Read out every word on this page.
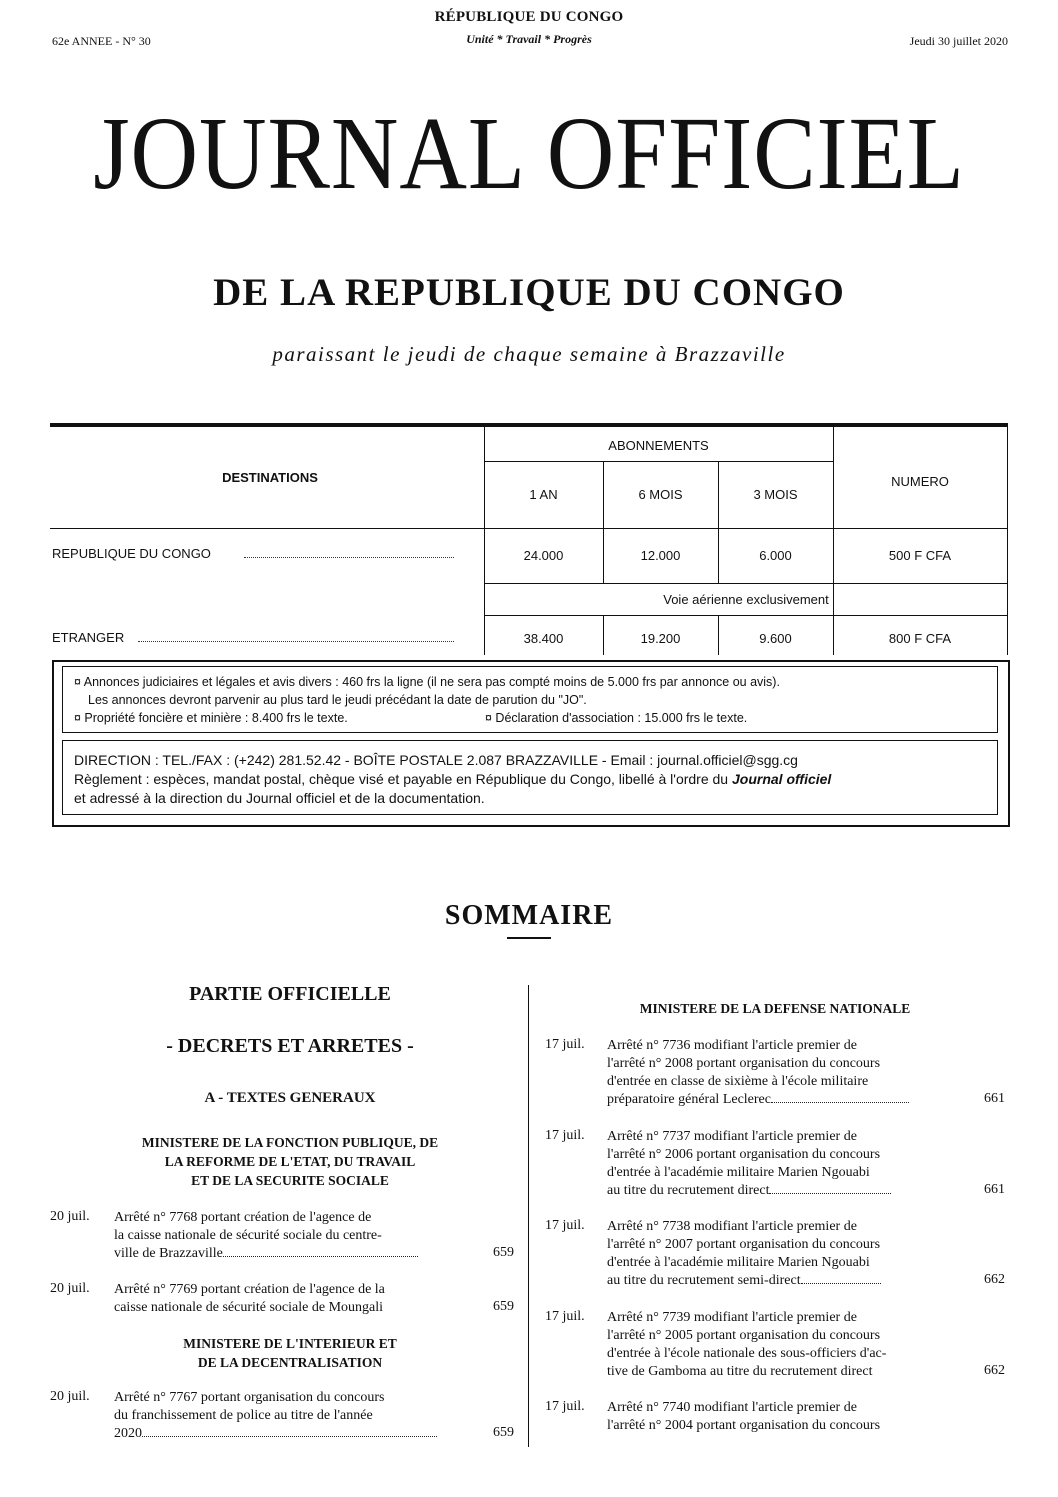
RÉPUBLIQUE DU CONGO
Unité * Travail * Progrès
62e ANNEE - N° 30	Jeudi 30 juillet 2020
JOURNAL OFFICIEL
DE LA REPUBLIQUE DU CONGO
paraissant le jeudi de chaque semaine à Brazzaville
ABONNEMENTS
DESTINATIONS	NUMERO
1 AN	6 MOIS	3 MOIS
REPUBLIQUE DU CONGO	24.000	12.000	6.000	500 F CFA
Voie aérienne exclusivement
ETRANGER	38.400	19.200	9.600	800 F CFA
¤ Annonces judiciaires et légales et avis divers : 460 frs la ligne (il ne sera pas compté moins de 5.000 frs par annonce ou avis).
Les annonces devront parvenir au plus tard le jeudi précédant la date de parution du "JO".
¤ Propriété foncière et minière : 8.400 frs le texte.	¤ Déclaration d'association : 15.000 frs le texte.
DIRECTION : TEL./FAX : (+242) 281.52.42 - BOÎTE POSTALE 2.087 BRAZZAVILLE - Email : journal.officiel@sgg.cg
Règlement : espèces, mandat postal, chèque visé et payable en République du Congo, libellé à l'ordre du Journal officiel
et adressé à la direction du Journal officiel et de la documentation.
SOMMAIRE
PARTIE OFFICIELLE
- DECRETS ET ARRETES -
A - TEXTES GENERAUX
MINISTERE DE LA FONCTION PUBLIQUE, DE
LA REFORME DE L'ETAT, DU TRAVAIL
ET DE LA SECURITE SOCIALE
20 juil. Arrêté n° 7768 portant création de l'agence de
la caisse nationale de sécurité sociale du centre-
ville de Brazzaville	659
20 juil. Arrêté n° 7769 portant création de l'agence de la
caisse nationale de sécurité sociale de Moungali	659
MINISTERE DE L'INTERIEUR ET
DE LA DECENTRALISATION
20 juil. Arrêté n° 7767 portant organisation du concours
du franchissement de police au titre de l'année
2020	659
MINISTERE DE LA DEFENSE NATIONALE
17 juil. Arrêté n° 7736 modifiant l'article premier de
l'arrêté n° 2008 portant organisation du concours
d'entrée en classe de sixième à l'école militaire
préparatoire général Leclerec	661
17 juil. Arrêté n° 7737 modifiant l'article premier de
l'arrêté n° 2006 portant organisation du concours
d'entrée à l'académie militaire Marien Ngouabi
au titre du recrutement direct	661
17 juil. Arrêté n° 7738 modifiant l'article premier de
l'arrêté n° 2007 portant organisation du concours
d'entrée à l'académie militaire Marien Ngouabi
au titre du recrutement semi-direct	662
17 juil. Arrêté n° 7739 modifiant l'article premier de
l'arrêté n° 2005 portant organisation du concours
d'entrée à l'école nationale des sous-officiers d'ac-
tive de Gamboma au titre du recrutement direct	662
17 juil. Arrêté n° 7740 modifiant l'article premier de
l'arrêté n° 2004 portant organisation du concours
